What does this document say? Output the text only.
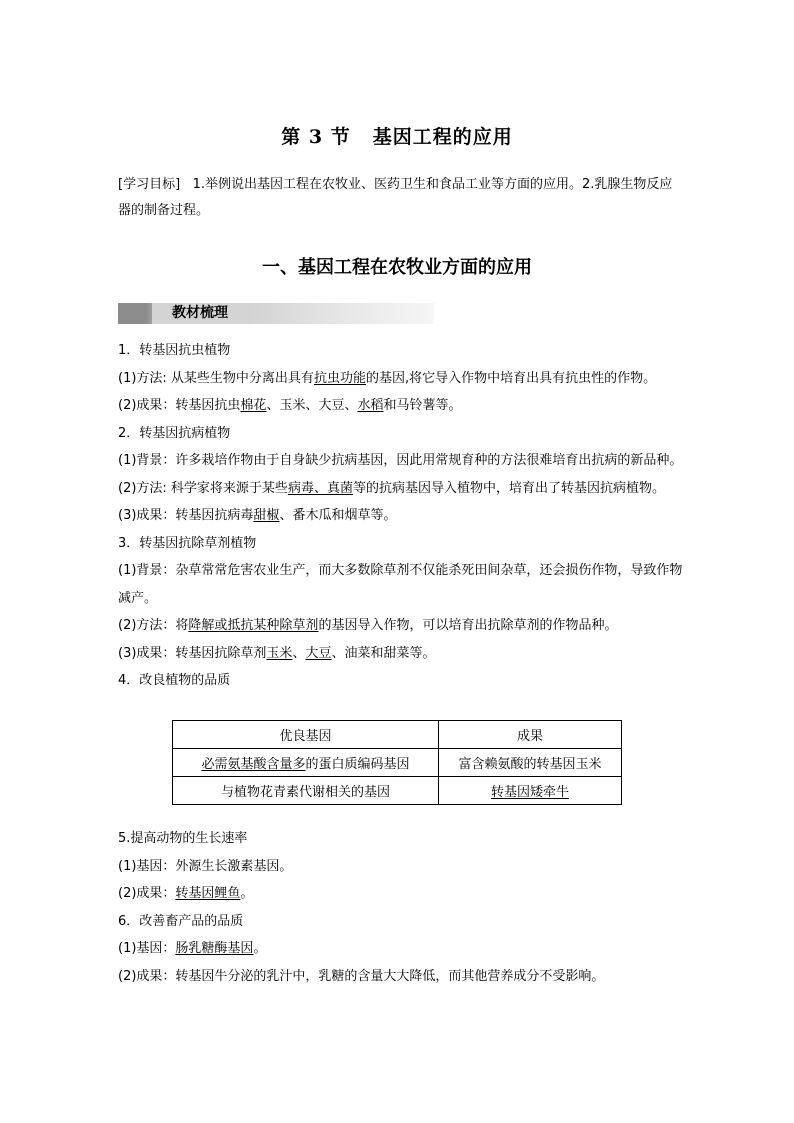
第 3 节 基因工程的应用
[学习目标] 1.举例说出基因工程在农牧业、医药卫生和食品工业等方面的应用。2.乳腺生物反应器的制备过程。
一、基因工程在农牧业方面的应用
教材梳理

1．转基因抗虫植物

(1)方法: 从某些生物中分离出具有抗虫功能的基因,将它导入作物中培育出具有抗虫性的作物。

(2)成果：转基因抗虫棉花、玉米、大豆、水稻和马铃薯等。

2．转基因抗病植物

(1)背景：许多栽培作物由于自身缺少抗病基因，因此用常规育种的方法很难培育出抗病的新品种。

(2)方法: 科学家将来源于某些病毒、真菌等的抗病基因导入植物中，培育出了转基因抗病植物。

(3)成果：转基因抗病毒甜椒、番木瓜和烟草等。

3．转基因抗除草剂植物

(1)背景：杂草常常危害农业生产，而大多数除草剂不仅能杀死田间杂草，还会损伤作物，导致作物减产。

(2)方法：将降解或抵抗某种除草剂的基因导入作物，可以培育出抗除草剂的作物品种。

(3)成果：转基因抗除草剂玉米、大豆、油菜和甜菜等。

4．改良植物的品质

优良基因	成果
必需氨基酸含量多的蛋白质编码基因	富含赖氨酸的转基因玉米
与植物花青素代谢相关的基因	转基因矮牵牛

5.提高动物的生长速率

(1)基因：外源生长激素基因。

(2)成果：转基因鲤鱼。

6．改善畜产品的品质

(1)基因：肠乳糖酶基因。

(2)成果：转基因牛分泌的乳汁中，乳糖的含量大大降低，而其他营养成分不受影响。
